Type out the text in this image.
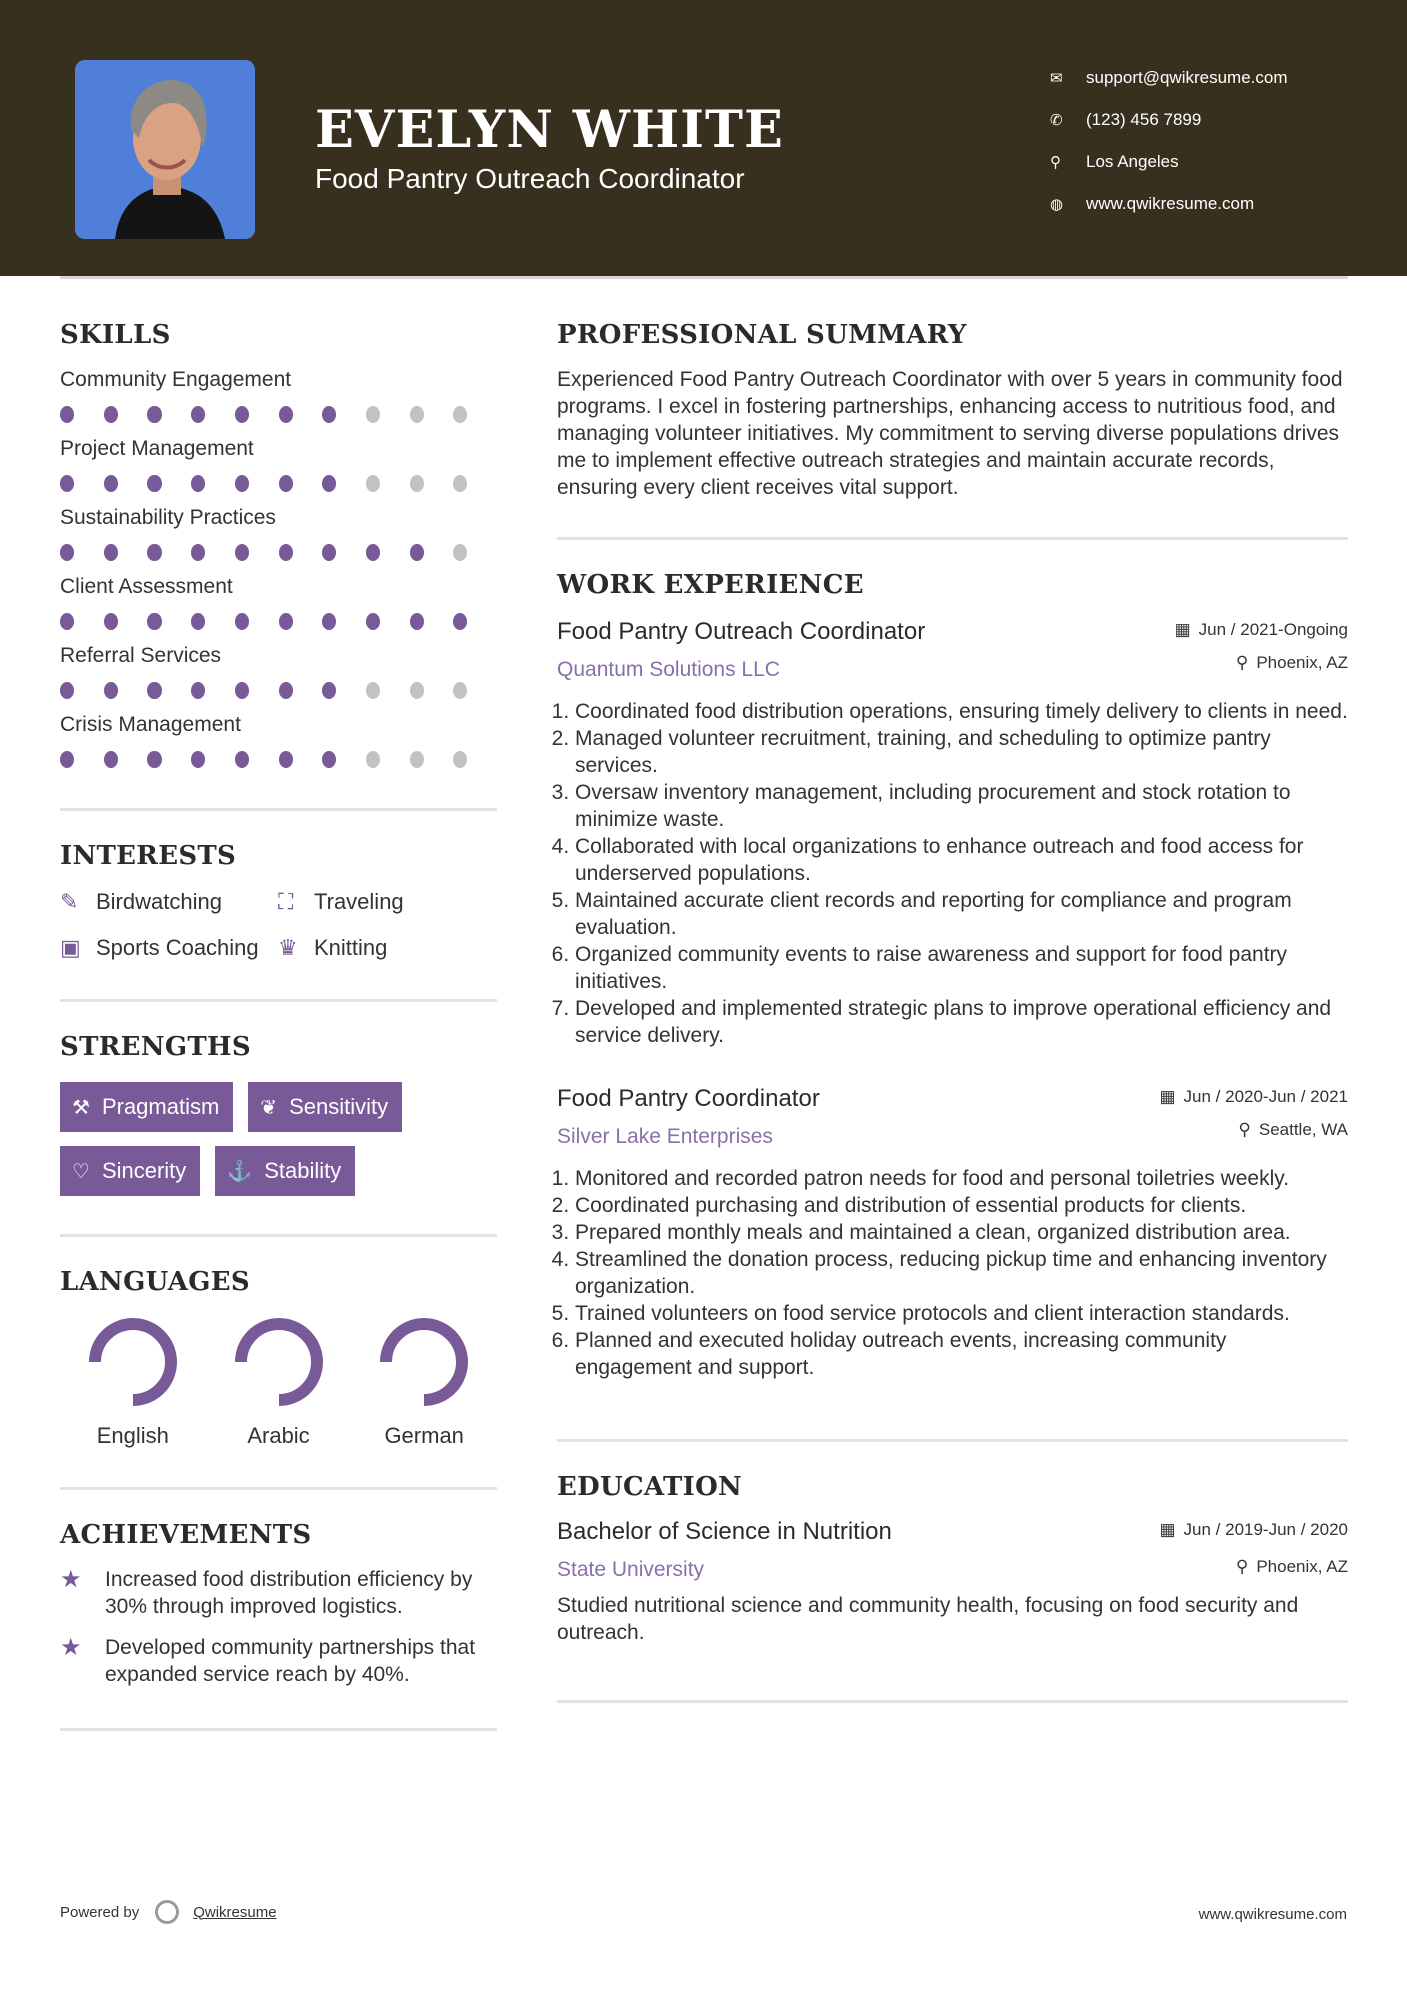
EVELYN WHITE

Food Pantry Outreach Coordinator

✉	support@qwikresume.com
✆	(123) 456 7899
⚲	Los Angeles
◍	www.qwikresume.com
SKILLS

Community Engagement

Project Management

Sustainability Practices

Client Assessment

Referral Services

Crisis Management

INTERESTS
✎ Birdwatching	⛶ Traveling
▣ Sports Coaching ♛ Knitting
STRENGTHS
⚒ Pragmatism ❦ Sensitivity
♡ Sincerity ⚓ Stability
LANGUAGES
English	Arabic	German
ACHIEVEMENTS
★	Increased food distribution efficiency by 30% through improved logistics.
★	Developed community partnerships that expanded service reach by 40%.
PROFESSIONAL SUMMARY
Experienced Food Pantry Outreach Coordinator with over 5 years in community food programs. I excel in fostering partnerships, enhancing access to nutritious food, and managing volunteer initiatives. My commitment to serving diverse populations drives me to implement effective outreach strategies and maintain accurate records, ensuring every client receives vital support.
WORK EXPERIENCE
▦ Jun / 2021-Ongoing
⚲ Phoenix, AZ
Food Pantry Outreach Coordinator
Quantum Solutions LLC
1. Coordinated food distribution operations, ensuring timely delivery to clients in need.
2. Managed volunteer recruitment, training, and scheduling to optimize pantry services.
3. Oversaw inventory management, including procurement and stock rotation to minimize waste.
4. Collaborated with local organizations to enhance outreach and food access for underserved populations.
5. Maintained accurate client records and reporting for compliance and program evaluation.
6. Organized community events to raise awareness and support for food pantry initiatives.
7. Developed and implemented strategic plans to improve operational efficiency and service delivery.
▦ Jun / 2020-Jun / 2021
⚲ Seattle, WA
Food Pantry Coordinator
Silver Lake Enterprises
1. Monitored and recorded patron needs for food and personal toiletries weekly.
2. Coordinated purchasing and distribution of essential products for clients.
3. Prepared monthly meals and maintained a clean, organized distribution area.
4. Streamlined the donation process, reducing pickup time and enhancing inventory organization.
5. Trained volunteers on food service protocols and client interaction standards.
6. Planned and executed holiday outreach events, increasing community engagement and support.
EDUCATION
▦ Jun / 2019-Jun / 2020
⚲ Phoenix, AZ
Bachelor of Science in Nutrition
State University
Studied nutritional science and community health, focusing on food security and outreach.
Powered by	Qwikresume	www.qwikresume.com
